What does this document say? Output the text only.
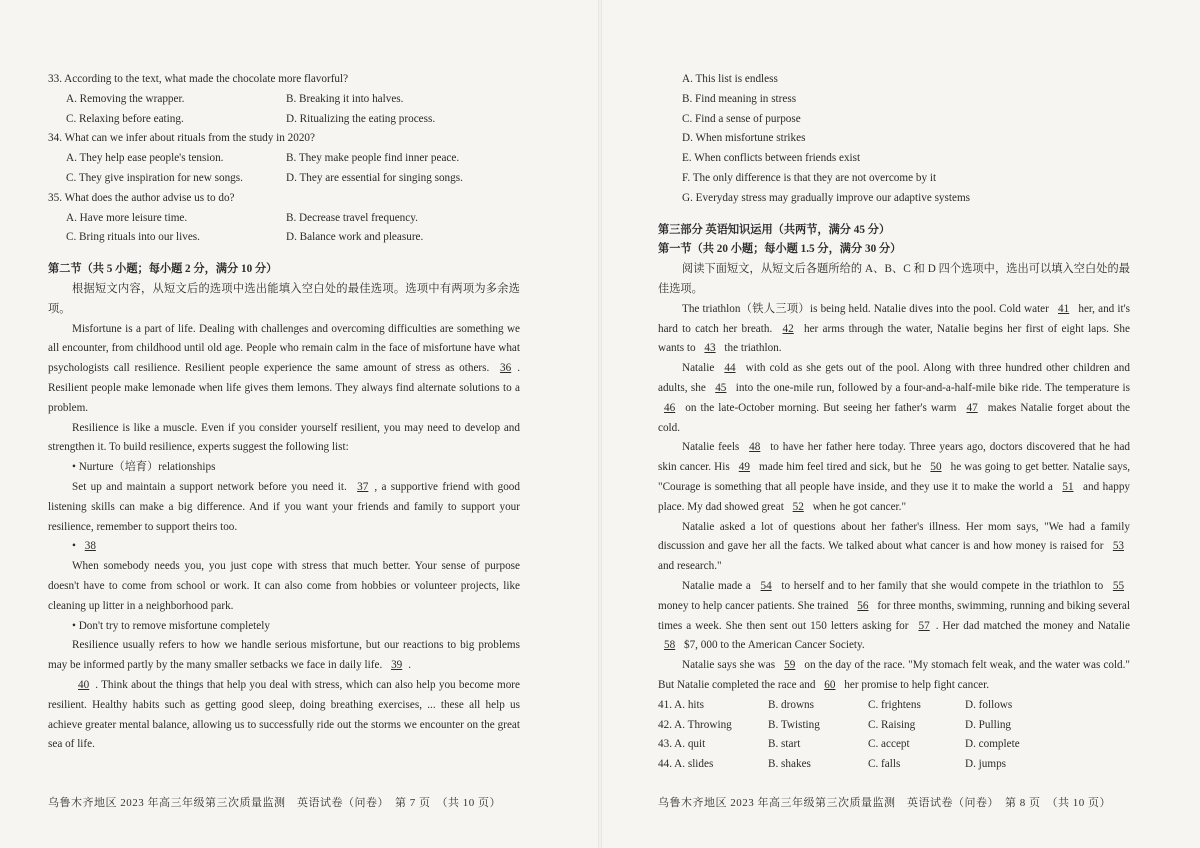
33. According to the text, what made the chocolate more flavorful?
A. Removing the wrapper.	B. Breaking it into halves.
C. Relaxing before eating.	D. Ritualizing the eating process.
34. What can we infer about rituals from the study in 2020?
A. They help ease people's tension.	B. They make people find inner peace.
C. They give inspiration for new songs.	D. They are essential for singing songs.
35. What does the author advise us to do?
A. Have more leisure time.	B. Decrease travel frequency.
C. Bring rituals into our lives.	D. Balance work and pleasure.
第二节（共 5 小题；每小题 2 分，满分 10 分）
根据短文内容，从短文后的选项中选出能填入空白处的最佳选项。选项中有两项为多余选项。
Misfortune is a part of life. Dealing with challenges and overcoming difficulties are something we all encounter, from childhood until old age. People who remain calm in the face of misfortune have what psychologists call resilience. Resilient people experience the same amount of stress as others. 36 . Resilient people make lemonade when life gives them lemons. They always find alternate solutions to a problem.
Resilience is like a muscle. Even if you consider yourself resilient, you may need to develop and strengthen it. To build resilience, experts suggest the following list:
• Nurture（培育）relationships
Set up and maintain a support network before you need it. 37 , a supportive friend with good listening skills can make a big difference. And if you want your friends and family to support your resilience, remember to support theirs too.
• 38
When somebody needs you, you just cope with stress that much better. Your sense of purpose doesn't have to come from school or work. It can also come from hobbies or volunteer projects, like cleaning up litter in a neighborhood park.
• Don't try to remove misfortune completely
Resilience usually refers to how we handle serious misfortune, but our reactions to big problems may be informed partly by the many smaller setbacks we face in daily life. 39 .
40 . Think about the things that help you deal with stress, which can also help you become more resilient. Healthy habits such as getting good sleep, doing breathing exercises, ... these all help us achieve greater mental balance, allowing us to successfully ride out the storms we encounter on the great sea of life.
乌鲁木齐地区 2023 年高三年级第三次质量监测　英语试卷（问卷）　第 7 页　（共 10 页）
A. This list is endless
B. Find meaning in stress
C. Find a sense of purpose
D. When misfortune strikes
E. When conflicts between friends exist
F. The only difference is that they are not overcome by it
G. Everyday stress may gradually improve our adaptive systems
第三部分 英语知识运用（共两节，满分 45 分）
第一节（共 20 小题；每小题 1.5 分，满分 30 分）
阅读下面短文，从短文后各题所给的 A、B、C 和 D 四个选项中，选出可以填入空白处的最佳选项。
The triathlon（铁人三项）is being held. Natalie dives into the pool. Cold water 41 her, and it's hard to catch her breath. 42 her arms through the water, Natalie begins her first of eight laps. She wants to 43 the triathlon.
Natalie 44 with cold as she gets out of the pool. Along with three hundred other children and adults, she 45 into the one-mile run, followed by a four-and-a-half-mile bike ride. The temperature is 46 on the late-October morning. But seeing her father's warm 47 makes Natalie forget about the cold.
Natalie feels 48 to have her father here today. Three years ago, doctors discovered that he had skin cancer. His 49 made him feel tired and sick, but he 50 he was going to get better. Natalie says, "Courage is something that all people have inside, and they use it to make the world a 51 and happy place. My dad showed great 52 when he got cancer."
Natalie asked a lot of questions about her father's illness. Her mom says, "We had a family discussion and gave her all the facts. We talked about what cancer is and how money is raised for 53 and research."
Natalie made a 54 to herself and to her family that she would compete in the triathlon to 55 money to help cancer patients. She trained 56 for three months, swimming, running and biking several times a week. She then sent out 150 letters asking for 57 . Her dad matched the money and Natalie 58 $7, 000 to the American Cancer Society.
Natalie says she was 59 on the day of the race. "My stomach felt weak, and the water was cold." But Natalie completed the race and 60 her promise to help fight cancer.
41. A. hits	B. drowns	C. frightens	D. follows
42. A. Throwing	B. Twisting	C. Raising	D. Pulling
43. A. quit	B. start	C. accept	D. complete
44. A. slides	B. shakes	C. falls	D. jumps
乌鲁木齐地区 2023 年高三年级第三次质量监测　英语试卷（问卷）　第 8 页　（共 10 页）
